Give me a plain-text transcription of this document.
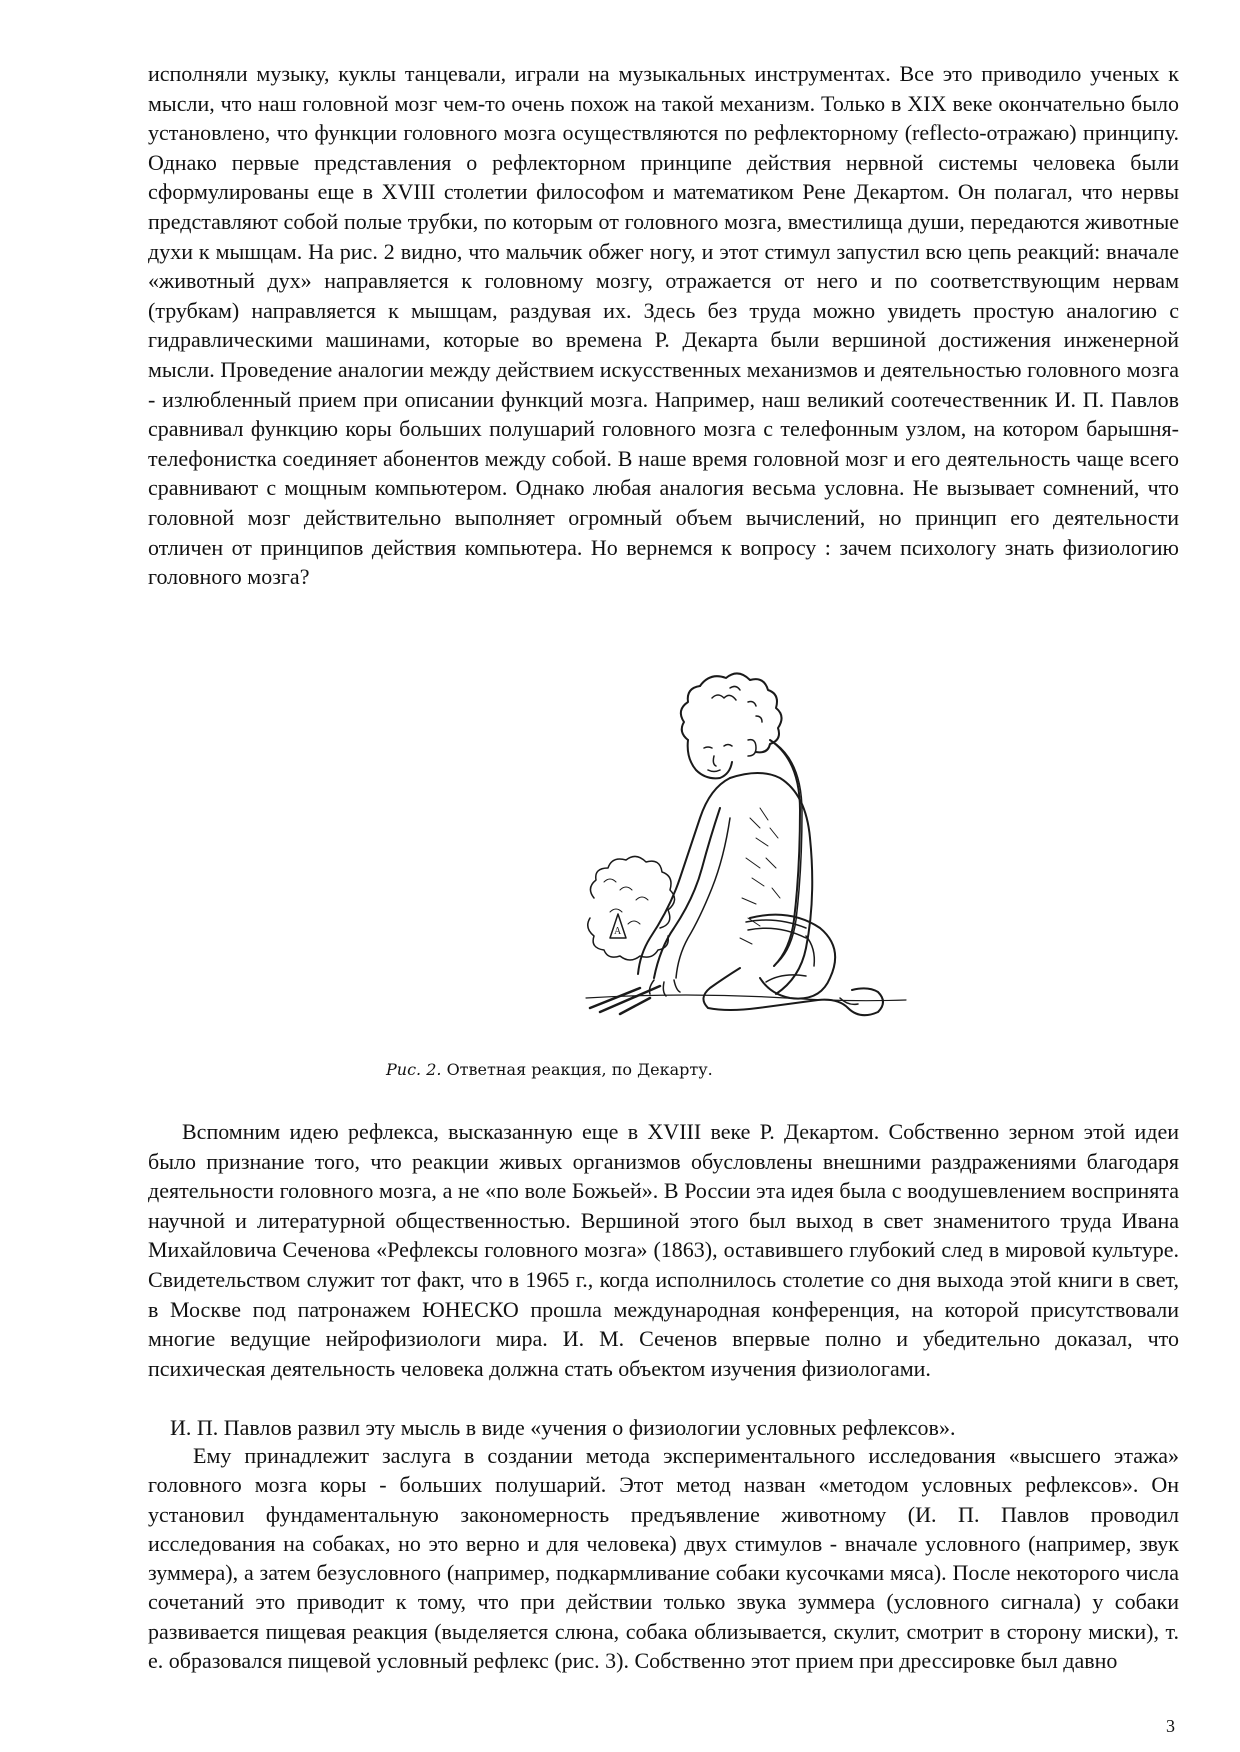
исполняли музыку, куклы танцевали, играли на музыкальных инструментах. Все это приводило ученых к мысли, что наш головной мозг чем-то очень похож на такой механизм. Только в XIX веке окончательно было установлено, что функции головного мозга осуществляются по рефлекторному (reflecto-отражаю) принципу. Однако первые представления о рефлекторном принципе действия нервной системы человека были сформулированы еще в XVIII столетии философом и математиком Рене Декартом. Он полагал, что нервы представляют собой полые трубки, по которым от головного мозга, вместилища души, передаются животные духи к мышцам. На рис. 2 видно, что мальчик обжег ногу, и этот стимул запустил всю цепь реакций: вначале «животный дух» направляется к головному мозгу, отражается от него и по соответствующим нервам (трубкам) направляется к мышцам, раздувая их. Здесь без труда можно увидеть простую аналогию с гидравлическими машинами, которые во времена Р. Декарта были вершиной достижения инженерной мысли. Проведение аналогии между действием искусственных механизмов и деятельностью головного мозга - излюбленный прием при описании функций мозга. Например, наш великий соотечественник И. П. Павлов сравнивал функцию коры больших полушарий головного мозга с телефонным узлом, на котором барышня-телефонистка соединяет абонентов между собой. В наше время головной мозг и его деятельность чаще всего сравнивают с мощным компьютером. Однако любая аналогия весьма условна. Не вызывает сомнений, что головной мозг действительно выполняет огромный объем вычислений, но принцип его деятельности отличен от принципов действия компьютера. Но вернемся к вопросу : зачем психологу знать физиологию головного мозга?

A
Рис. 2. Ответная реакция, по Декарту.

Вспомним идею рефлекса, высказанную еще в XVIII веке Р. Декартом. Собственно зерном этой идеи было признание того, что реакции живых организмов обусловлены внешними раздражениями благодаря деятельности головного мозга, а не «по воле Божьей». В России эта идея была с воодушевлением воспринята научной и литературной общественностью. Вершиной этого был выход в свет знаменитого труда Ивана Михайловича Сеченова «Рефлексы головного мозга» (1863), оставившего глубокий след в мировой культуре. Свидетельством служит тот факт, что в 1965 г., когда исполнилось столетие со дня выхода этой книги в свет, в Москве под патронажем ЮНЕСКО прошла международная конференция, на которой присутствовали многие ведущие нейрофизиологи мира. И. М. Сеченов впервые полно и убедительно доказал, что психическая деятельность человека должна стать объектом изучения физиологами.

И. П. Павлов развил эту мысль в виде «учения о физиологии условных рефлексов».

Ему принадлежит заслуга в создании метода экспериментального исследования «высшего этажа» головного мозга коры - больших полушарий. Этот метод назван «методом условных рефлексов». Он установил фундаментальную закономерность предъявление животному (И. П. Павлов проводил исследования на собаках, но это верно и для человека) двух стимулов - вначале условного (например, звук зуммера), а затем безусловного (например, подкармливание собаки кусочками мяса). После некоторого числа сочетаний это приводит к тому, что при действии только звука зуммера (условного сигнала) у собаки развивается пищевая реакция (выделяется слюна, собака облизывается, скулит, смотрит в сторону миски), т. е. образовался пищевой условный рефлекс (рис. 3). Собственно этот прием при дрессировке был давно

3
